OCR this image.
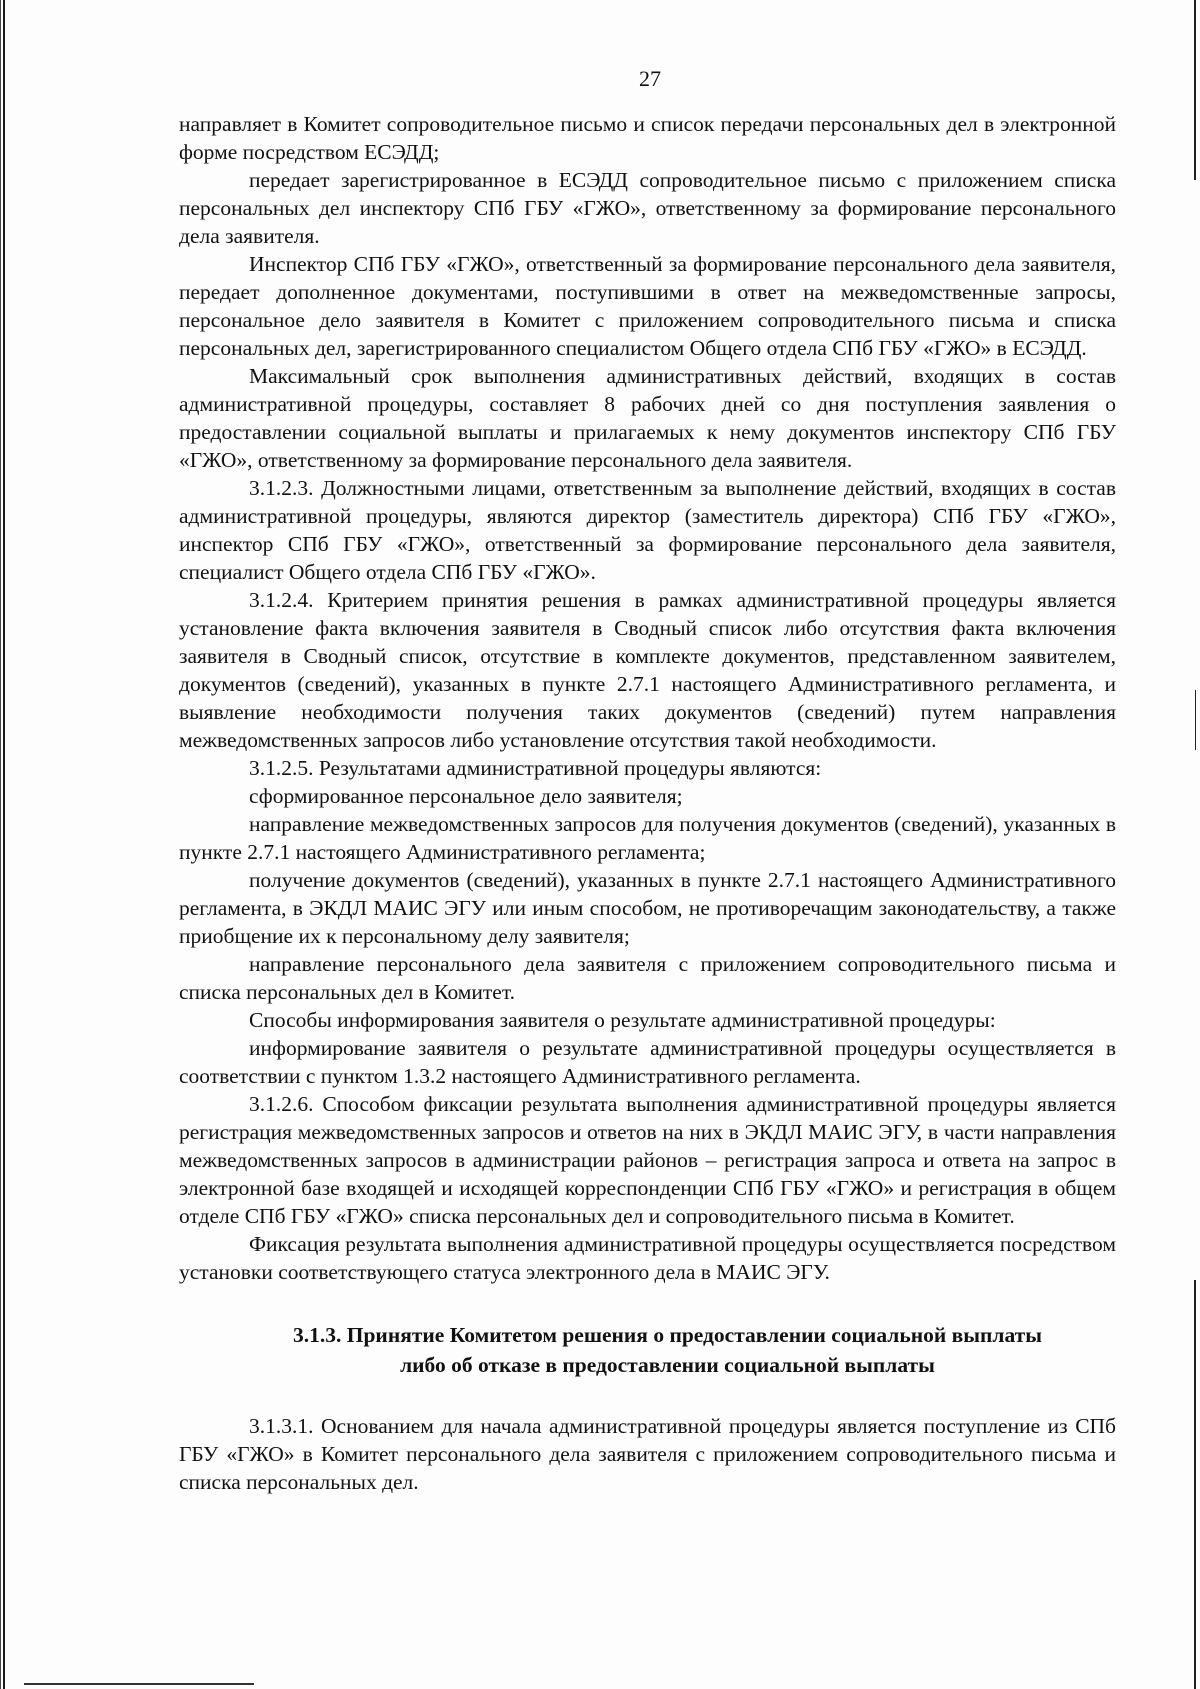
27

направляет в Комитет сопроводительное письмо и список передачи персональных дел в электронной форме посредством ЕСЭДД;

передает зарегистрированное в ЕСЭДД сопроводительное письмо с приложением списка персональных дел инспектору СПб ГБУ «ГЖО», ответственному за формирование персонального дела заявителя.

Инспектор СПб ГБУ «ГЖО», ответственный за формирование персонального дела заявителя, передает дополненное документами, поступившими в ответ на межведомственные запросы, персональное дело заявителя в Комитет с приложением сопроводительного письма и списка персональных дел, зарегистрированного специалистом Общего отдела СПб ГБУ «ГЖО» в ЕСЭДД.

Максимальный срок выполнения административных действий, входящих в состав административной процедуры, составляет 8 рабочих дней со дня поступления заявления о предоставлении социальной выплаты и прилагаемых к нему документов инспектору СПб ГБУ «ГЖО», ответственному за формирование персонального дела заявителя.

3.1.2.3. Должностными лицами, ответственным за выполнение действий, входящих в состав административной процедуры, являются директор (заместитель директора) СПб ГБУ «ГЖО», инспектор СПб ГБУ «ГЖО», ответственный за формирование персонального дела заявителя, специалист Общего отдела СПб ГБУ «ГЖО».

3.1.2.4. Критерием принятия решения в рамках административной процедуры является установление факта включения заявителя в Сводный список либо отсутствия факта включения заявителя в Сводный список, отсутствие в комплекте документов, представленном заявителем, документов (сведений), указанных в пункте 2.7.1 настоящего Административного регламента, и выявление необходимости получения таких документов (сведений) путем направления межведомственных запросов либо установление отсутствия такой необходимости.

3.1.2.5. Результатами административной процедуры являются:

сформированное персональное дело заявителя;

направление межведомственных запросов для получения документов (сведений), указанных в пункте 2.7.1 настоящего Административного регламента;

получение документов (сведений), указанных в пункте 2.7.1 настоящего Административного регламента, в ЭКДЛ МАИС ЭГУ или иным способом, не противоречащим законодательству, а также приобщение их к персональному делу заявителя;

направление персонального дела заявителя с приложением сопроводительного письма и списка персональных дел в Комитет.

Способы информирования заявителя о результате административной процедуры:

информирование заявителя о результате административной процедуры осуществляется в соответствии с пунктом 1.3.2 настоящего Административного регламента.

3.1.2.6. Способом фиксации результата выполнения административной процедуры является регистрация межведомственных запросов и ответов на них в ЭКДЛ МАИС ЭГУ, в части направления межведомственных запросов в администрации районов – регистрация запроса и ответа на запрос в электронной базе входящей и исходящей корреспонденции СПб ГБУ «ГЖО» и регистрация в общем отделе СПб ГБУ «ГЖО» списка персональных дел и сопроводительного письма в Комитет.

Фиксация результата выполнения административной процедуры осуществляется посредством установки соответствующего статуса электронного дела в МАИС ЭГУ.

3.1.3. Принятие Комитетом решения о предоставлении социальной выплаты
либо об отказе в предоставлении социальной выплаты

3.1.3.1. Основанием для начала административной процедуры является поступление из СПб ГБУ «ГЖО» в Комитет персонального дела заявителя с приложением сопроводительного письма и списка персональных дел.
